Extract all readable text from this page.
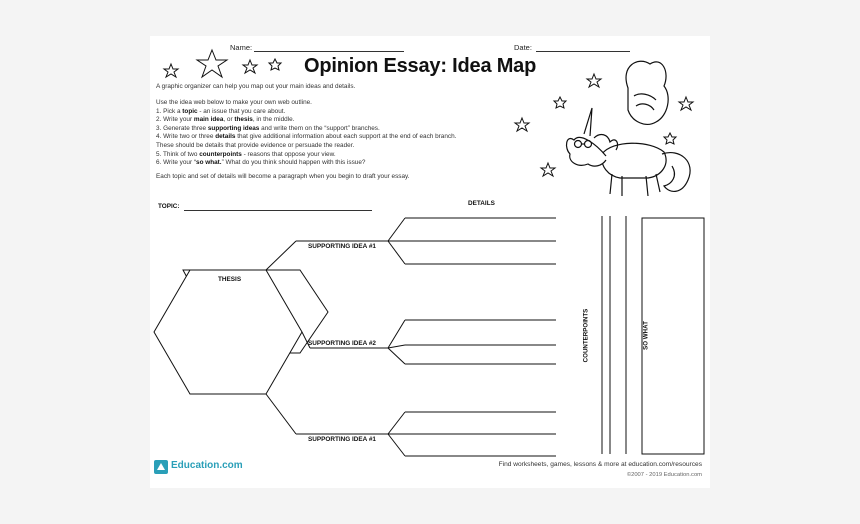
Name:	Date:
Opinion Essay: Idea Map
A graphic organizer can help you map out your main ideas and details.
Use the idea web below to make your own web outline.
1. Pick a topic - an issue that you care about.
2. Write your main idea, or thesis, in the middle.
3. Generate three supporting ideas and write them on the “support” branches.
4. Write two or three details that give additional information about each support at the end of each branch.
These should be details that provide evidence or persuade the reader.
5. Think of two counterpoints - reasons that oppose your view.
6. Write your “so what.” What do you think should happen with this issue?
Each topic and set of details will become a paragraph when you begin to draft your essay.
TOPIC:	DETAILS
THESIS
SUPPORTING IDEA #1
SUPPORTING IDEA #2
SUPPORTING IDEA #1
COUNTERPOINTS	SO WHAT
Education.com	Find worksheets, games, lessons & more at education.com/resources
©2007 - 2019 Education.com
